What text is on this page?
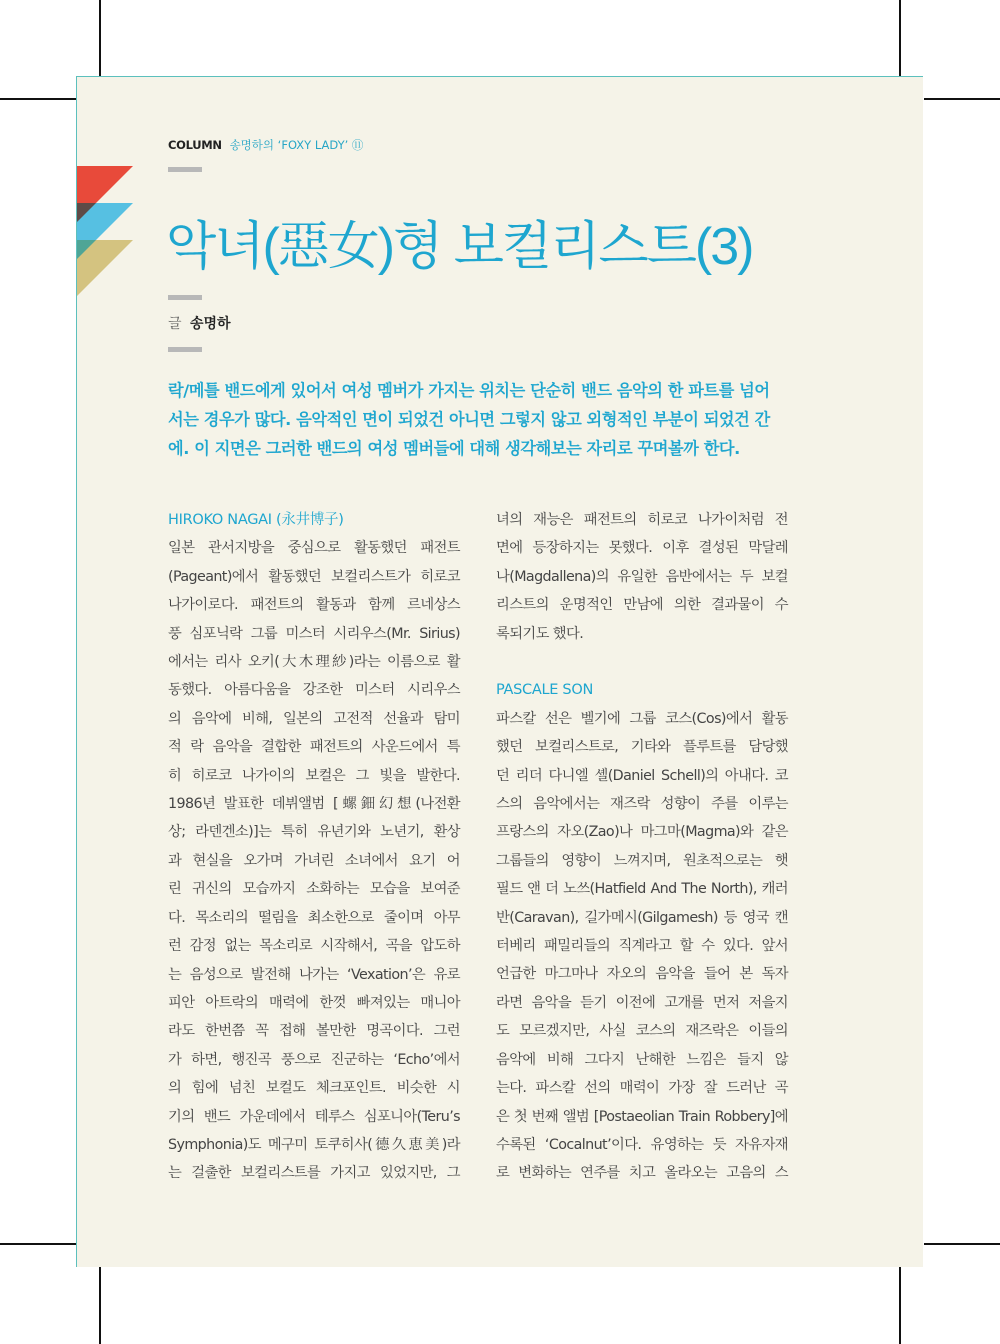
COLUMN 송명하의 ‘FOXY LADY’ ⑪
악녀(惡女)형 보컬리스트(3)
글 송명하
락/메틀 밴드에게 있어서 여성 멤버가 가지는 위치는 단순히 밴드 음악의 한 파트를 넘어
서는 경우가 많다. 음악적인 면이 되었건 아니면 그렇지 않고 외형적인 부분이 되었건 간
에. 이 지면은 그러한 밴드의 여성 멤버들에 대해 생각해보는 자리로 꾸며볼까 한다.
HIROKO NAGAI (永井博子)
일본 관서지방을 중심으로 활동했던 패전트
(Pageant)에서 활동했던 보컬리스트가 히로코
나가이로다. 패전트의 활동과 함께 르네상스
풍 심포닉락 그룹 미스터 시리우스(Mr. Sirius)
에서는 리사 오키(大木理紗)라는 이름으로 활
동했다. 아름다움을 강조한 미스터 시리우스
의 음악에 비해, 일본의 고전적 선율과 탐미
적 락 음악을 결합한 패전트의 사운드에서 특
히 히로코 나가이의 보컬은 그 빛을 발한다.
1986년 발표한 데뷔앨범 [螺鈿幻想(나전환
상; 라덴겐소)]는 특히 유년기와 노년기, 환상
과 현실을 오가며 가녀린 소녀에서 요기 어
린 귀신의 모습까지 소화하는 모습을 보여준
다. 목소리의 떨림을 최소한으로 줄이며 아무
런 감정 없는 목소리로 시작해서, 곡을 압도하
는 음성으로 발전해 나가는 ‘Vexation’은 유로
피안 아트락의 매력에 한껏 빠져있는 매니아
라도 한번쯤 꼭 접해 볼만한 명곡이다. 그런
가 하면, 행진곡 풍으로 진군하는 ‘Echo’에서
의 힘에 넘친 보컬도 체크포인트. 비슷한 시
기의 밴드 가운데에서 테루스 심포니아(Teru’s
Symphonia)도 메구미 토쿠히사(德久恵美)라
는 걸출한 보컬리스트를 가지고 있었지만, 그
녀의 재능은 패전트의 히로코 나가이처럼 전
면에 등장하지는 못했다. 이후 결성된 막달레
나(Magdallena)의 유일한 음반에서는 두 보컬
리스트의 운명적인 만남에 의한 결과물이 수
록되기도 했다.
PASCALE SON
파스칼 선은 벨기에 그룹 코스(Cos)에서 활동
했던 보컬리스트로, 기타와 플루트를 담당했
던 리더 다니엘 셸(Daniel Schell)의 아내다. 코
스의 음악에서는 재즈락 성향이 주를 이루는
프랑스의 자오(Zao)나 마그마(Magma)와 같은
그룹들의 영향이 느껴지며, 원초적으로는 햇
필드 앤 더 노쓰(Hatfield And The North), 캐러
반(Caravan), 길가메시(Gilgamesh) 등 영국 캔
터베리 패밀리들의 직계라고 할 수 있다. 앞서
언급한 마그마나 자오의 음악을 들어 본 독자
라면 음악을 듣기 이전에 고개를 먼저 저을지
도 모르겠지만, 사실 코스의 재즈락은 이들의
음악에 비해 그다지 난해한 느낌은 들지 않
는다. 파스칼 선의 매력이 가장 잘 드러난 곡
은 첫 번째 앨범 [Postaeolian Train Robbery]에
수록된 ‘Cocalnut’이다. 유영하는 듯 자유자재
로 변화하는 연주를 치고 올라오는 고음의 스
